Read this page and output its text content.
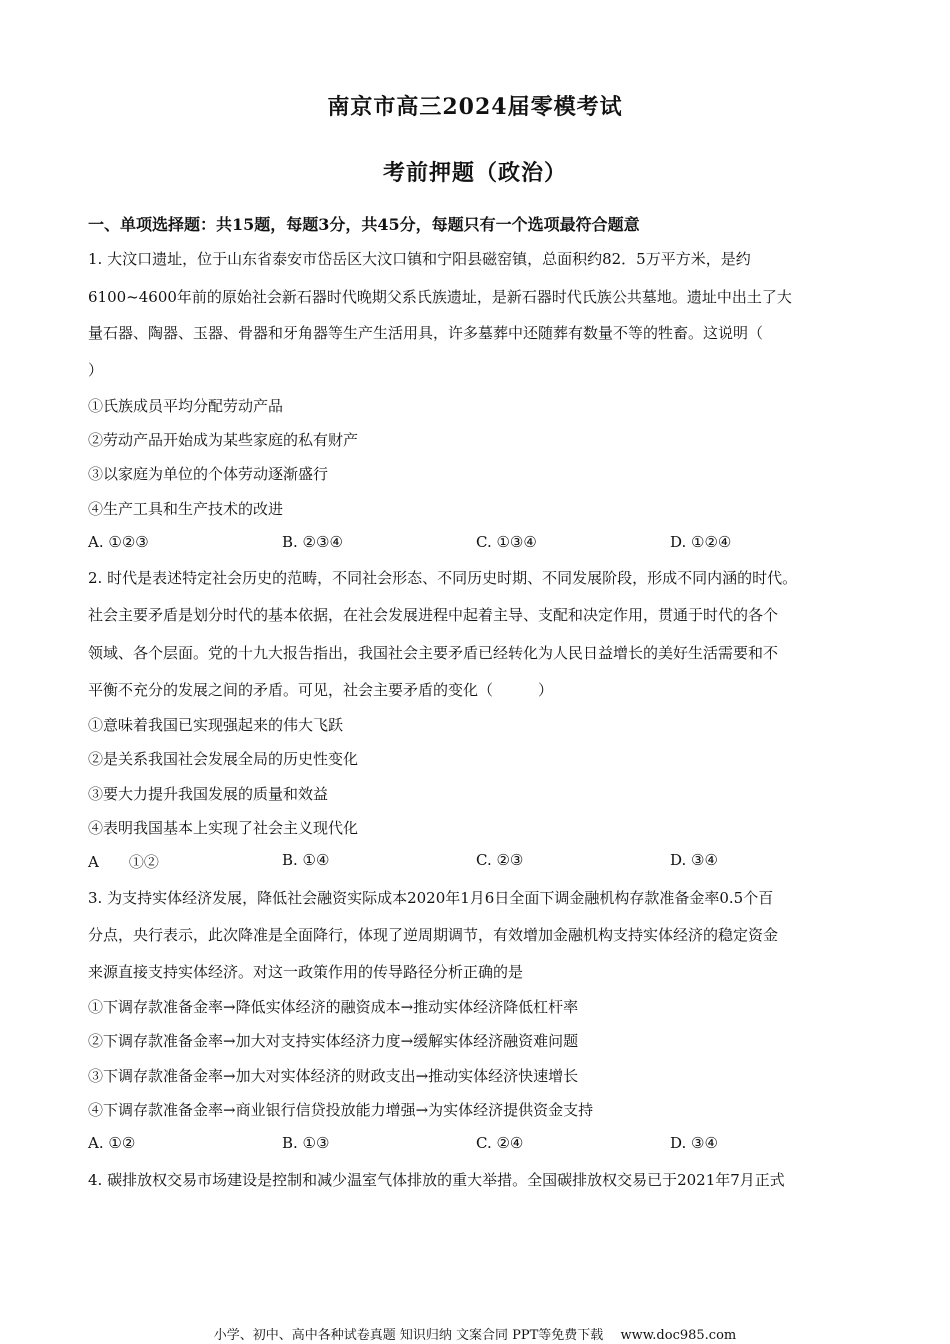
南京市高三2024届零模考试
考前押题（政治）
一、单项选择题：共15题，每题3分，共45分，每题只有一个选项最符合题意
1. 大汶口遗址，位于山东省泰安市岱岳区大汶口镇和宁阳县磁窑镇，总面积约82．5万平方米，是约
6100~4600年前的原始社会新石器时代晚期父系氏族遗址，是新石器时代氏族公共墓地。遗址中出土了大
量石器、陶器、玉器、骨器和牙角器等生产生活用具，许多墓葬中还随葬有数量不等的牲畜。这说明（
）
①氏族成员平均分配劳动产品
②劳动产品开始成为某些家庭的私有财产
③以家庭为单位的个体劳动逐渐盛行
④生产工具和生产技术的改进
A. ①②③	B. ②③④	C. ①③④	D. ①②④
2. 时代是表述特定社会历史的范畴，不同社会形态、不同历史时期、不同发展阶段，形成不同内涵的时代。
社会主要矛盾是划分时代的基本依据，在社会发展进程中起着主导、支配和决定作用，贯通于时代的各个
领域、各个层面。党的十九大报告指出，我国社会主要矛盾已经转化为人民日益增长的美好生活需要和不
平衡不充分的发展之间的矛盾。可见，社会主要矛盾的变化（　　　）
①意味着我国已实现强起来的伟大飞跃
②是关系我国社会发展全局的历史性变化
③要大力提升我国发展的质量和效益
④表明我国基本上实现了社会主义现代化
A　　①②	B. ①④	C. ②③	D. ③④
3. 为支持实体经济发展，降低社会融资实际成本2020年1月6日全面下调金融机构存款准备金率0.5个百
分点，央行表示，此次降准是全面降行，体现了逆周期调节，有效增加金融机构支持实体经济的稳定资金
来源直接支持实体经济。对这一政策作用的传导路径分析正确的是
①下调存款准备金率→降低实体经济的融资成本→推动实体经济降低杠杆率
②下调存款准备金率→加大对支持实体经济力度→缓解实体经济融资难问题
③下调存款准备金率→加大对实体经济的财政支出→推动实体经济快速增长
④下调存款准备金率→商业银行信贷投放能力增强→为实体经济提供资金支持
A. ①②	B. ①③	C. ②④	D. ③④
4. 碳排放权交易市场建设是控制和减少温室气体排放的重大举措。全国碳排放权交易已于2021年7月正式
小学、初中、高中各种试卷真题 知识归纳 文案合同 PPT等免费下载　 www.doc985.com
